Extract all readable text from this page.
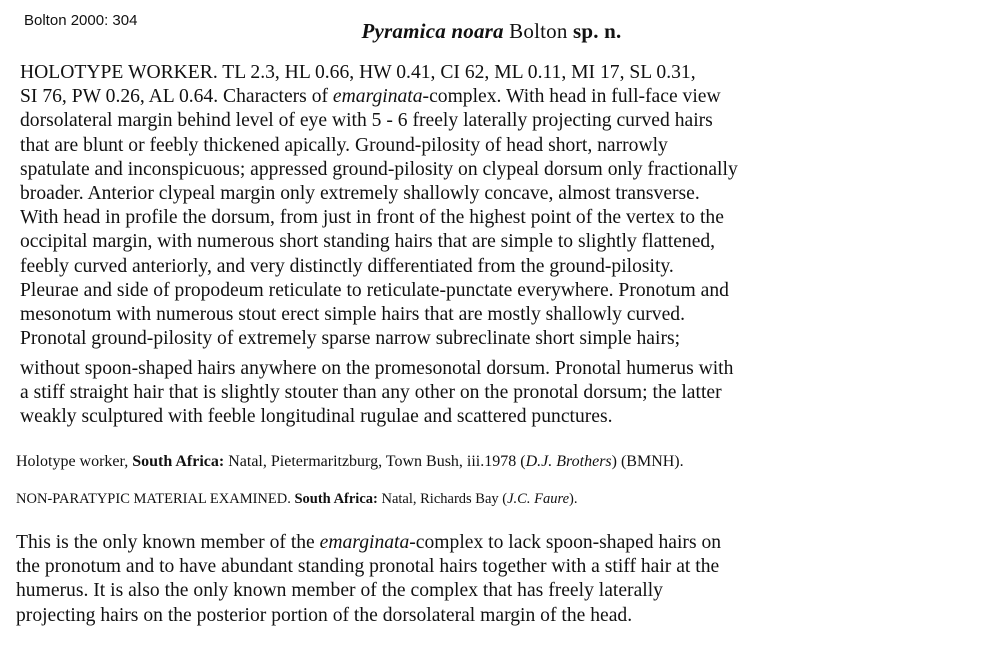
Bolton 2000: 304	Pyramica noara Bolton sp. n.
HOLOTYPE WORKER. TL 2.3, HL 0.66, HW 0.41, CI 62, ML 0.11, MI 17, SL 0.31,
SI 76, PW 0.26, AL 0.64. Characters of emarginata-complex. With head in full-face view
dorsolateral margin behind level of eye with 5 - 6 freely laterally projecting curved hairs
that are blunt or feebly thickened apically. Ground-pilosity of head short, narrowly
spatulate and inconspicuous; appressed ground-pilosity on clypeal dorsum only fractionally
broader. Anterior clypeal margin only extremely shallowly concave, almost transverse.
With head in profile the dorsum, from just in front of the highest point of the vertex to the
occipital margin, with numerous short standing hairs that are simple to slightly flattened,
feebly curved anteriorly, and very distinctly differentiated from the ground-pilosity.
Pleurae and side of propodeum reticulate to reticulate-punctate everywhere. Pronotum and
mesonotum with numerous stout erect simple hairs that are mostly shallowly curved.
Pronotal ground-pilosity of extremely sparse narrow subreclinate short simple hairs;
without spoon-shaped hairs anywhere on the promesonotal dorsum. Pronotal humerus with
a stiff straight hair that is slightly stouter than any other on the pronotal dorsum; the latter
weakly sculptured with feeble longitudinal rugulae and scattered punctures.
Holotype worker, South Africa: Natal, Pietermaritzburg, Town Bush, iii.1978 (D.J. Brothers) (BMNH).
NON-PARATYPIC MATERIAL EXAMINED. South Africa: Natal, Richards Bay (J.C. Faure).
This is the only known member of the emarginata-complex to lack spoon-shaped hairs on
the pronotum and to have abundant standing pronotal hairs together with a stiff hair at the
humerus. It is also the only known member of the complex that has freely laterally
projecting hairs on the posterior portion of the dorsolateral margin of the head.
